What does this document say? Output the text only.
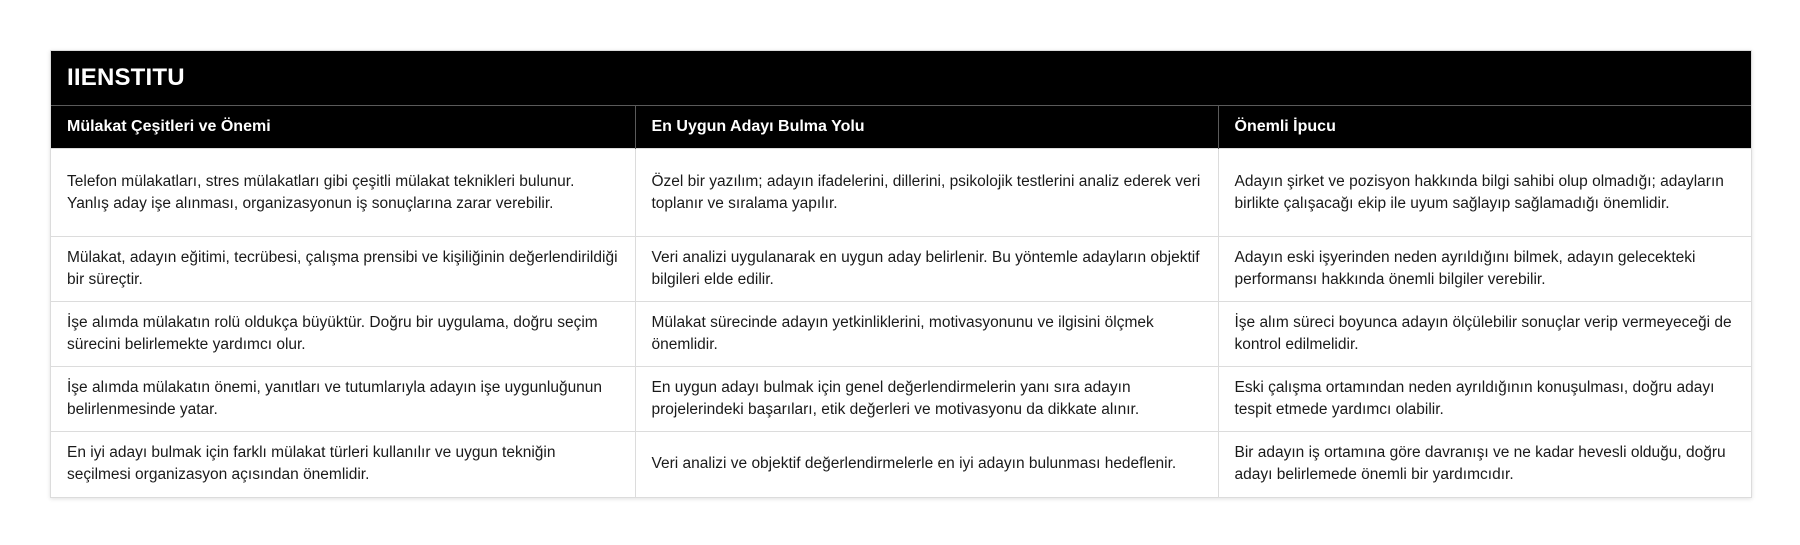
IIENSTITU
Mülakat Çeşitleri ve Önemi	En Uygun Adayı Bulma Yolu	Önemli İpucu
Telefon mülakatları, stres mülakatları gibi çeşitli mülakat teknikleri bulunur. Yanlış aday işe alınması, organizasyonun iş sonuçlarına zarar verebilir.	Özel bir yazılım; adayın ifadelerini, dillerini, psikolojik testlerini analiz ederek veri toplanır ve sıralama yapılır.	Adayın şirket ve pozisyon hakkında bilgi sahibi olup olmadığı; adayların birlikte çalışacağı ekip ile uyum sağlayıp sağlamadığı önemlidir.
Mülakat, adayın eğitimi, tecrübesi, çalışma prensibi ve kişiliğinin değerlendirildiği bir süreçtir.	Veri analizi uygulanarak en uygun aday belirlenir. Bu yöntemle adayların objektif bilgileri elde edilir.	Adayın eski işyerinden neden ayrıldığını bilmek, adayın gelecekteki performansı hakkında önemli bilgiler verebilir.
İşe alımda mülakatın rolü oldukça büyüktür. Doğru bir uygulama, doğru seçim sürecini belirlemekte yardımcı olur.	Mülakat sürecinde adayın yetkinliklerini, motivasyonunu ve ilgisini ölçmek önemlidir.	İşe alım süreci boyunca adayın ölçülebilir sonuçlar verip vermeyeceği de kontrol edilmelidir.
İşe alımda mülakatın önemi, yanıtları ve tutumlarıyla adayın işe uygunluğunun belirlenmesinde yatar.	En uygun adayı bulmak için genel değerlendirmelerin yanı sıra adayın projelerindeki başarıları, etik değerleri ve motivasyonu da dikkate alınır.	Eski çalışma ortamından neden ayrıldığının konuşulması, doğru adayı tespit etmede yardımcı olabilir.
En iyi adayı bulmak için farklı mülakat türleri kullanılır ve uygun tekniğin seçilmesi organizasyon açısından önemlidir.	Veri analizi ve objektif değerlendirmelerle en iyi adayın bulunması hedeflenir.	Bir adayın iş ortamına göre davranışı ve ne kadar hevesli olduğu, doğru adayı belirlemede önemli bir yardımcıdır.
